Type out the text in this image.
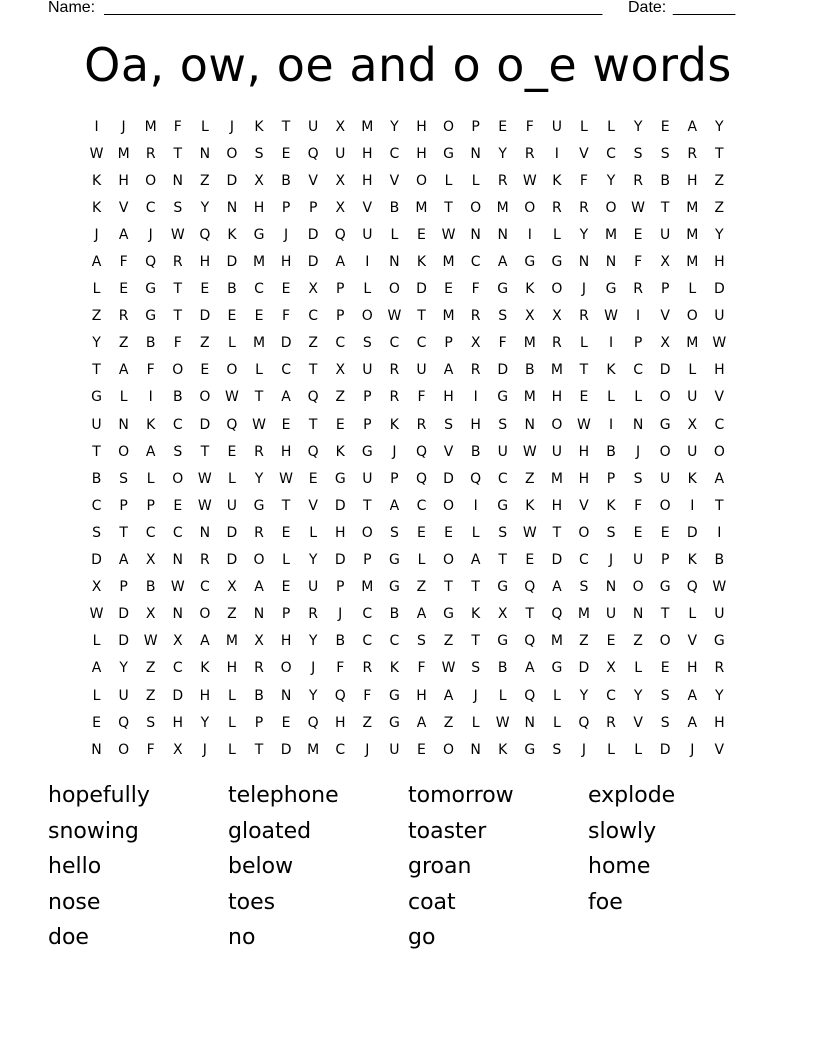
Name: ________________________________________________________	Date: _______
Oa, ow, oe and o o_e words
I	J	M	F	L	J	K	T	U	X	M	Y	H	O	P	E	F	U	L	L	Y	E	A	Y
W	M	R	T	N	O	S	E	Q	U	H	C	H	G	N	Y	R	I	V	C	S	S	R	T
K	H	O	N	Z	D	X	B	V	X	H	V	O	L	L	R	W	K	F	Y	R	B	H	Z
K	V	C	S	Y	N	H	P	P	X	V	B	M	T	O	M	O	R	R	O	W	T	M	Z
J	A	J	W	Q	K	G	J	D	Q	U	L	E	W	N	N	I	L	Y	M	E	U	M	Y
A	F	Q	R	H	D	M	H	D	A	I	N	K	M	C	A	G	G	N	N	F	X	M	H
L	E	G	T	E	B	C	E	X	P	L	O	D	E	F	G	K	O	J	G	R	P	L	D
Z	R	G	T	D	E	E	F	C	P	O	W	T	M	R	S	X	X	R	W	I	V	O	U
Y	Z	B	F	Z	L	M	D	Z	C	S	C	C	P	X	F	M	R	L	I	P	X	M	W
T	A	F	O	E	O	L	C	T	X	U	R	U	A	R	D	B	M	T	K	C	D	L	H
G	L	I	B	O	W	T	A	Q	Z	P	R	F	H	I	G	M	H	E	L	L	O	U	V
U	N	K	C	D	Q	W	E	T	E	P	K	R	S	H	S	N	O	W	I	N	G	X	C
T	O	A	S	T	E	R	H	Q	K	G	J	Q	V	B	U	W	U	H	B	J	O	U	O
B	S	L	O	W	L	Y	W	E	G	U	P	Q	D	Q	C	Z	M	H	P	S	U	K	A
C	P	P	E	W	U	G	T	V	D	T	A	C	O	I	G	K	H	V	K	F	O	I	T
S	T	C	C	N	D	R	E	L	H	O	S	E	E	L	S	W	T	O	S	E	E	D	I
D	A	X	N	R	D	O	L	Y	D	P	G	L	O	A	T	E	D	C	J	U	P	K	B
X	P	B	W	C	X	A	E	U	P	M	G	Z	T	T	G	Q	A	S	N	O	G	Q	W
W	D	X	N	O	Z	N	P	R	J	C	B	A	G	K	X	T	Q	M	U	N	T	L	U
L	D	W	X	A	M	X	H	Y	B	C	C	S	Z	T	G	Q	M	Z	E	Z	O	V	G
A	Y	Z	C	K	H	R	O	J	F	R	K	F	W	S	B	A	G	D	X	L	E	H	R
L	U	Z	D	H	L	B	N	Y	Q	F	G	H	A	J	L	Q	L	Y	C	Y	S	A	Y
E	Q	S	H	Y	L	P	E	Q	H	Z	G	A	Z	L	W	N	L	Q	R	V	S	A	H
N	O	F	X	J	L	T	D	M	C	J	U	E	O	N	K	G	S	J	L	L	D	J	V
hopefully	telephone	tomorrow	explode
snowing	gloated	toaster	slowly
hello	below	groan	home
nose	toes	coat	foe
doe	no	go
